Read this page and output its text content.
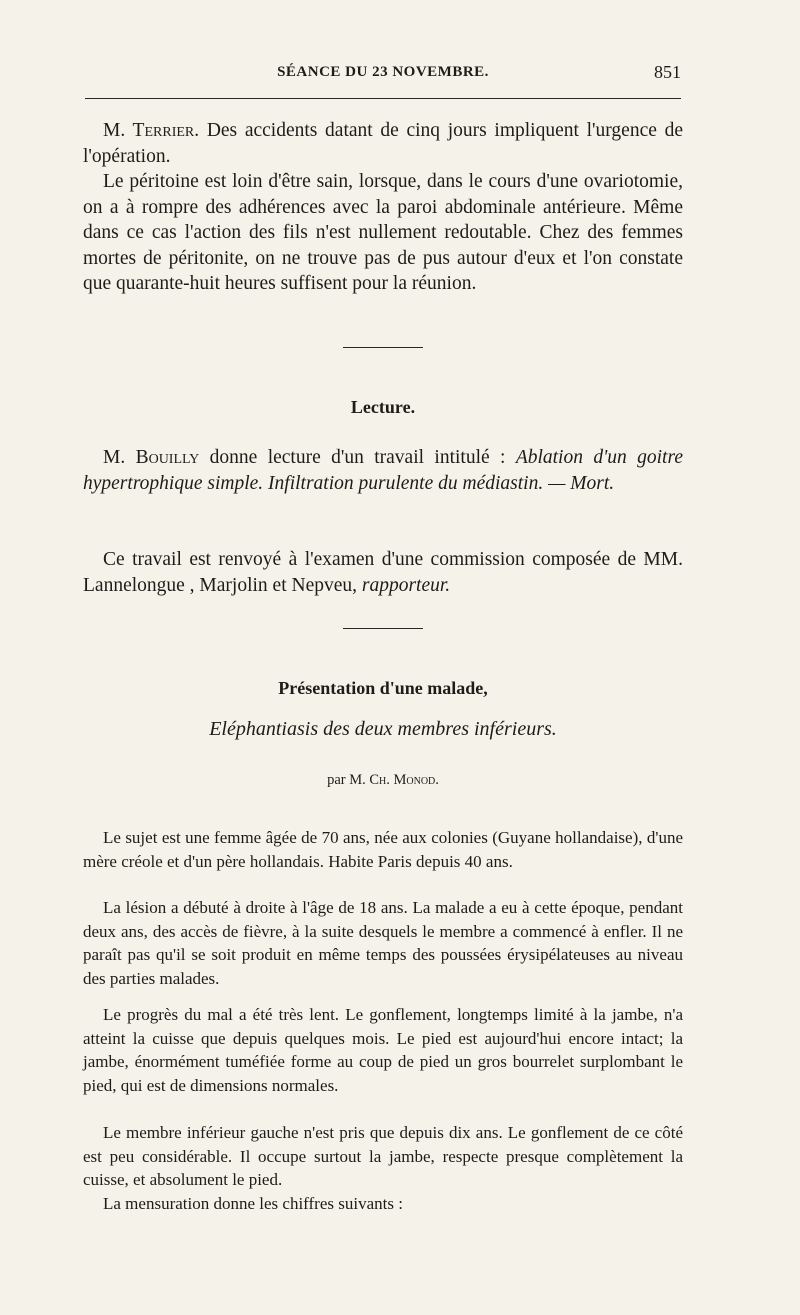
SÉANCE DU 23 NOVEMBRE.	851

M. Terrier. Des accidents datant de cinq jours impliquent l'urgence de l'opération.

Le péritoine est loin d'être sain, lorsque, dans le cours d'une ovariotomie, on a à rompre des adhérences avec la paroi abdominale antérieure. Même dans ce cas l'action des fils n'est nullement redoutable. Chez des femmes mortes de péritonite, on ne trouve pas de pus autour d'eux et l'on constate que quarante-huit heures suffisent pour la réunion.

Lecture.

M. Bouilly donne lecture d'un travail intitulé : Ablation d'un goitre hypertrophique simple. Infiltration purulente du médiastin. — Mort.

Ce travail est renvoyé à l'examen d'une commission composée de MM. Lannelongue , Marjolin et Nepveu, rapporteur.

Présentation d'une malade,

Eléphantiasis des deux membres inférieurs.

par M. Ch. Monod.

Le sujet est une femme âgée de 70 ans, née aux colonies (Guyane hollandaise), d'une mère créole et d'un père hollandais. Habite Paris depuis 40 ans.

La lésion a débuté à droite à l'âge de 18 ans. La malade a eu à cette époque, pendant deux ans, des accès de fièvre, à la suite desquels le membre a commencé à enfler. Il ne paraît pas qu'il se soit produit en même temps des poussées érysipélateuses au niveau des parties malades.

Le progrès du mal a été très lent. Le gonflement, longtemps limité à la jambe, n'a atteint la cuisse que depuis quelques mois. Le pied est aujourd'hui encore intact; la jambe, énormément tuméfiée forme au coup de pied un gros bourrelet surplombant le pied, qui est de dimensions normales.

Le membre inférieur gauche n'est pris que depuis dix ans. Le gonflement de ce côté est peu considérable. Il occupe surtout la jambe, respecte presque complètement la cuisse, et absolument le pied.

La mensuration donne les chiffres suivants :
